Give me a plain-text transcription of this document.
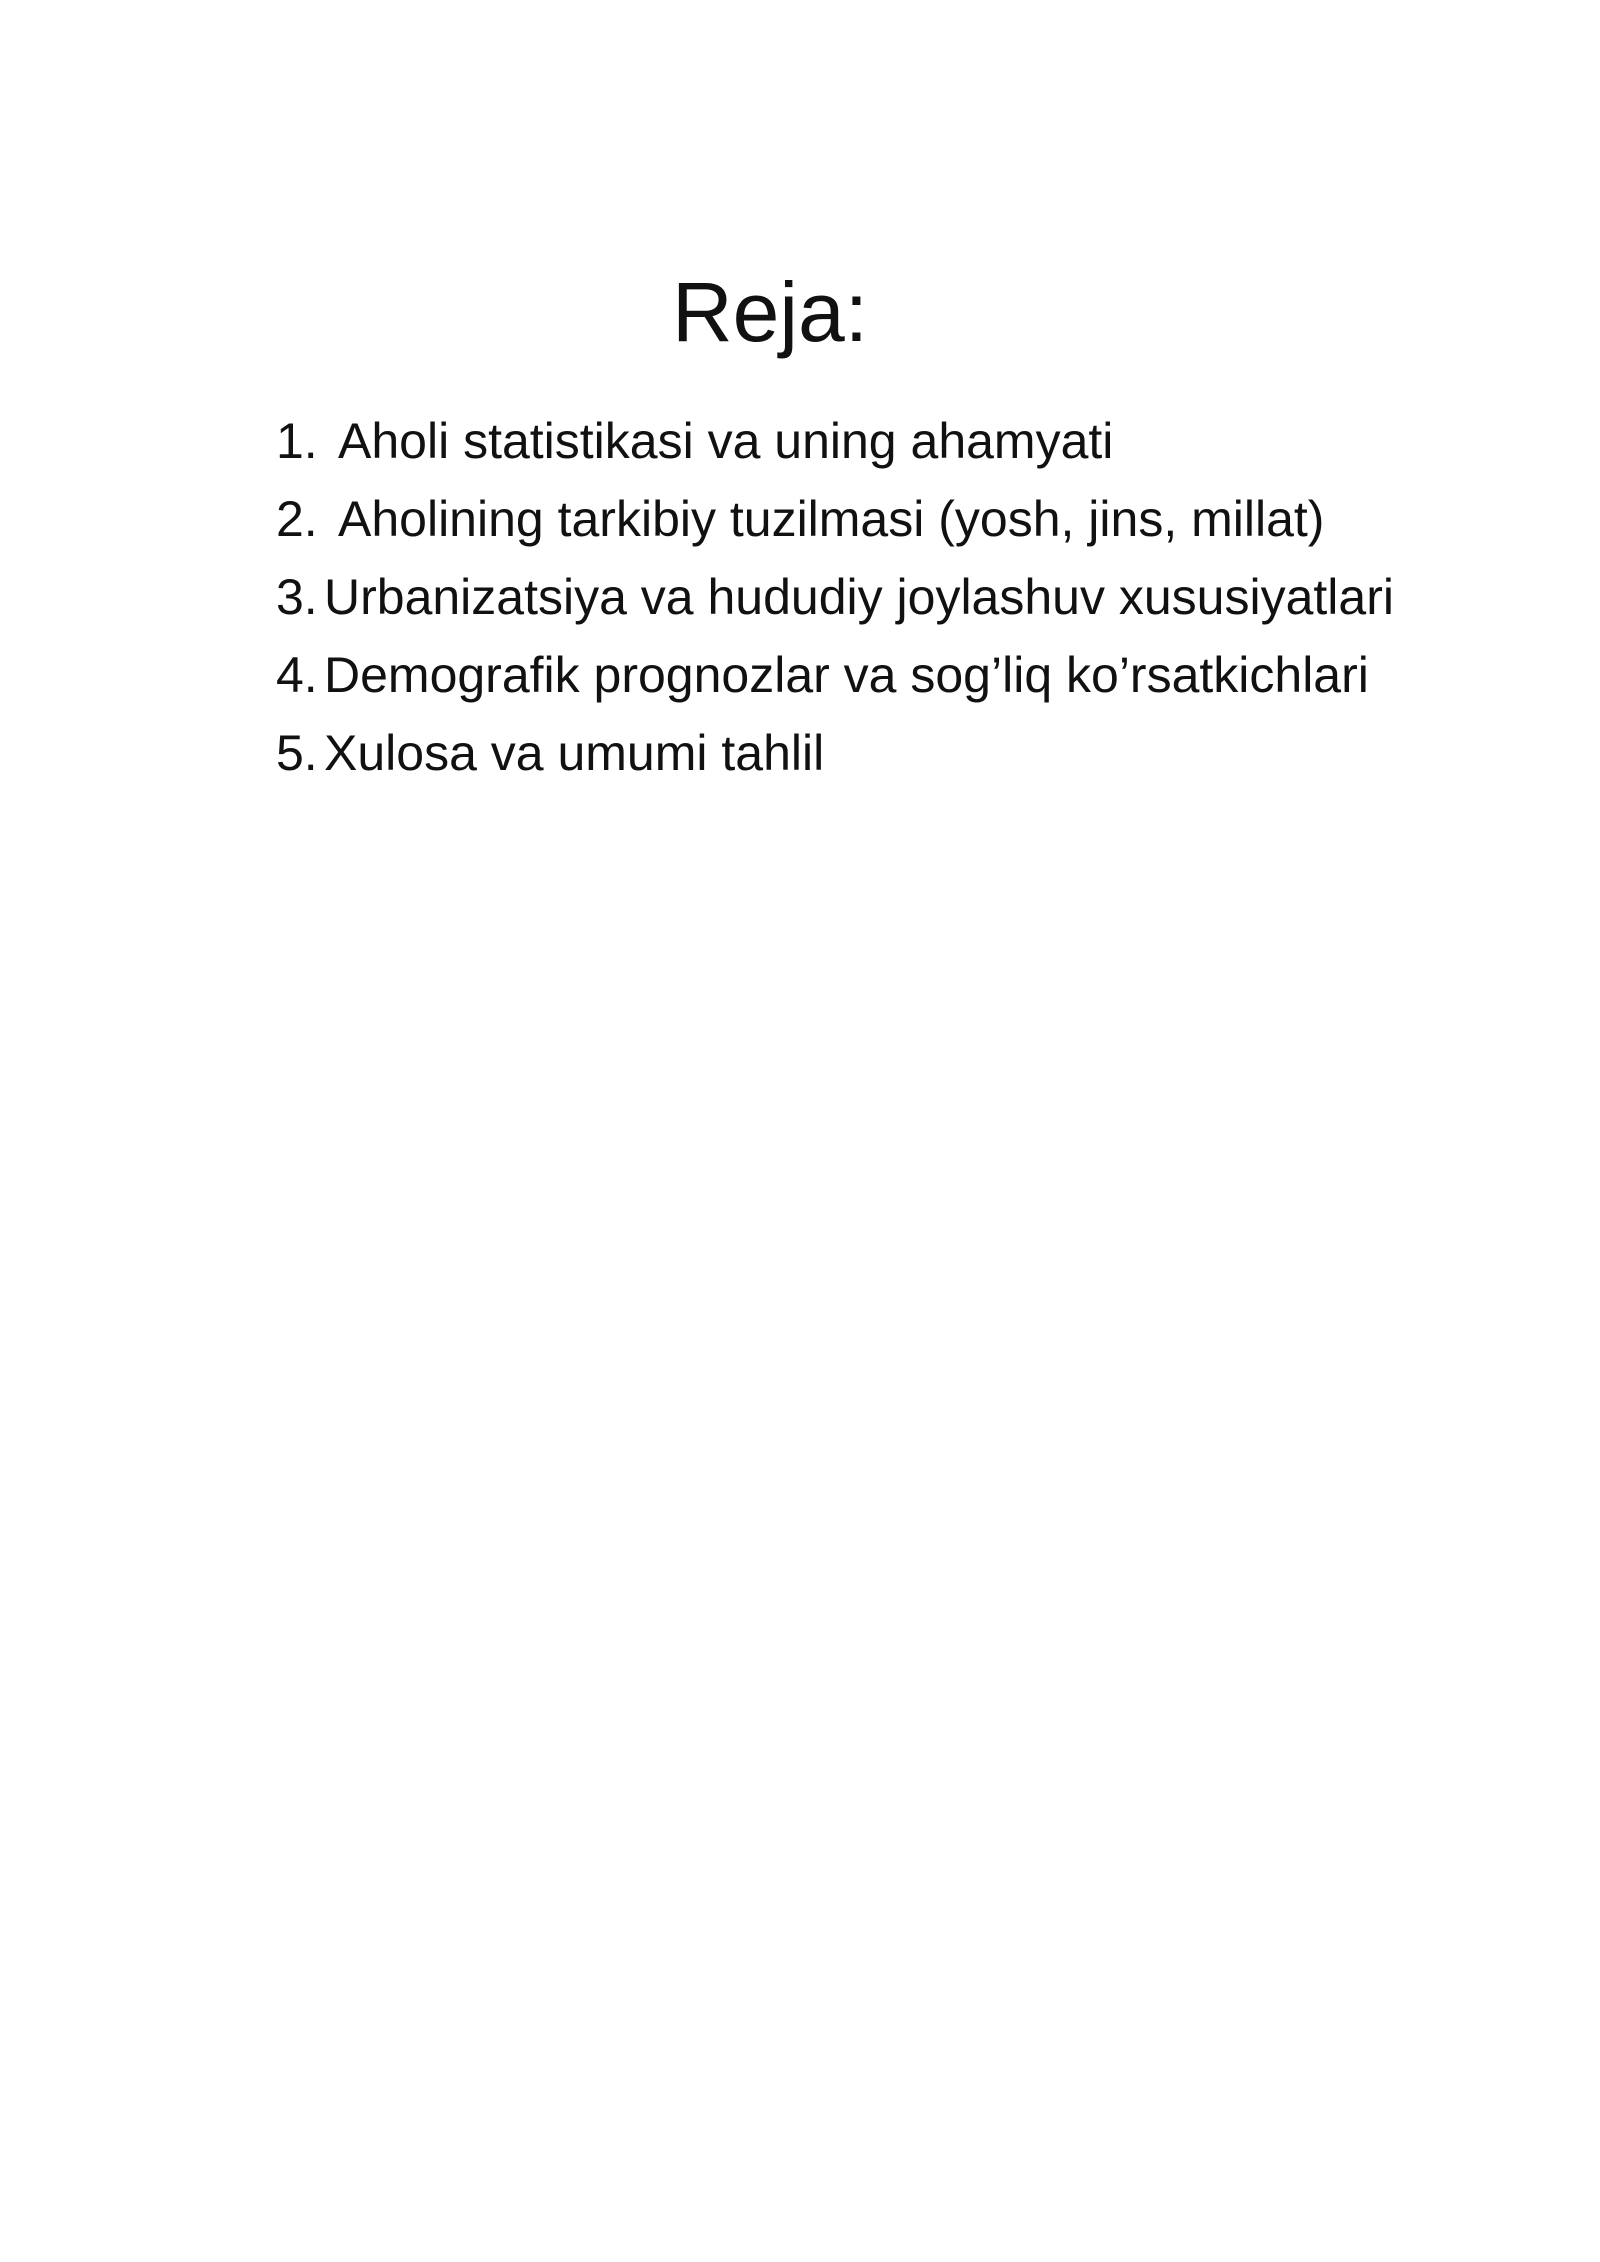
Reja:
1. Aholi statistikasi va uning ahamyati
2. Aholining tarkibiy tuzilmasi (yosh, jins, millat)
3. Urbanizatsiya va hududiy joylashuv xususiyatlari
4. Demografik prognozlar va sog’liq ko’rsatkichlari
5. Xulosa va umumi tahlil
